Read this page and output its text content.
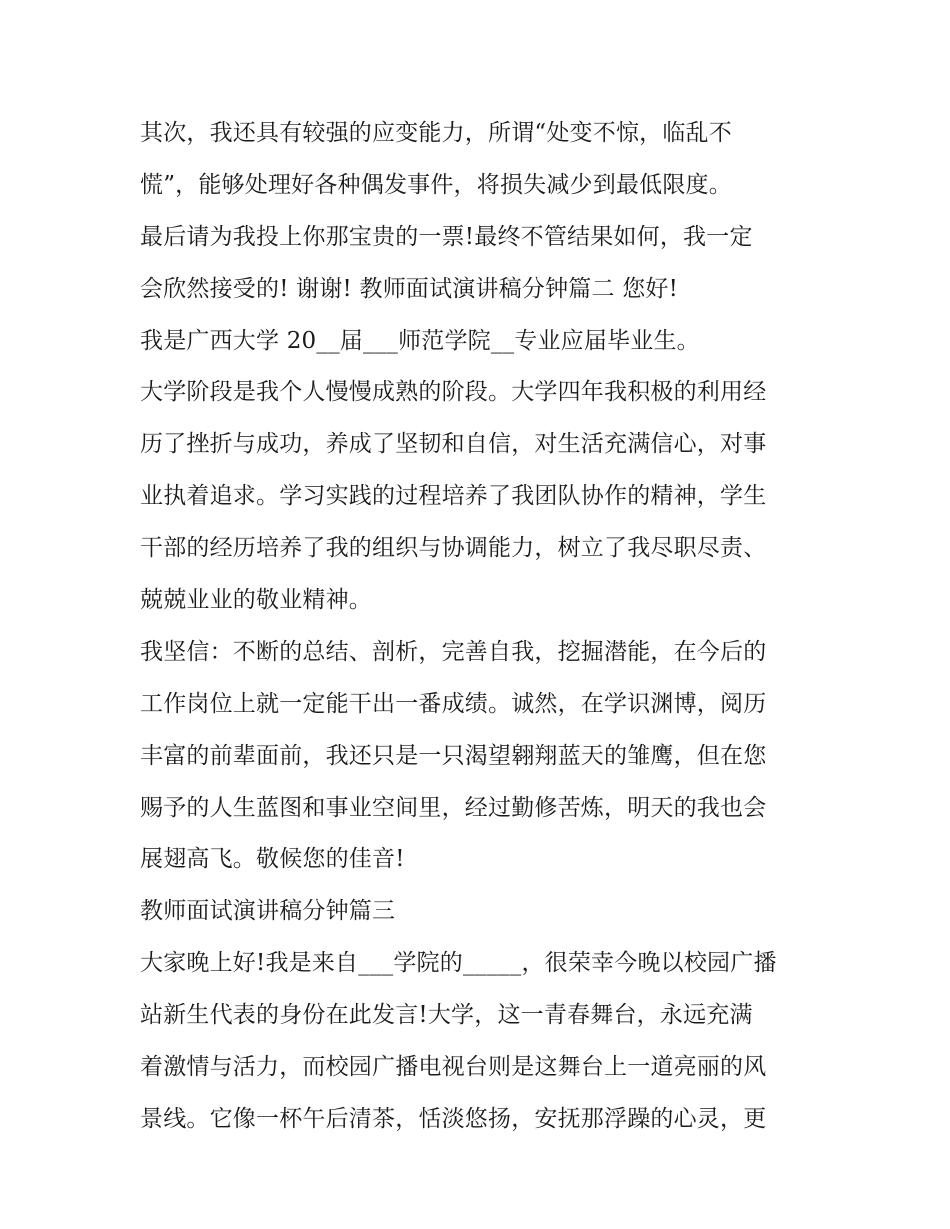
其次，我还具有较强的应变能力，所谓“处变不惊，临乱不
慌”，能够处理好各种偶发事件，将损失减少到最低限度。
最后请为我投上你那宝贵的一票!最终不管结果如何，我一定
会欣然接受的! 谢谢! 教师面试演讲稿分钟篇二 您好!
我是广西大学 20__届___师范学院__专业应届毕业生。
大学阶段是我个人慢慢成熟的阶段。大学四年我积极的利用经
历了挫折与成功，养成了坚韧和自信，对生活充满信心，对事
业执着追求。学习实践的过程培养了我团队协作的精神，学生
干部的经历培养了我的组织与协调能力，树立了我尽职尽责、
兢兢业业的敬业精神。
我坚信：不断的总结、剖析，完善自我，挖掘潜能，在今后的
工作岗位上就一定能干出一番成绩。诚然，在学识渊博，阅历
丰富的前辈面前，我还只是一只渴望翱翔蓝天的雏鹰，但在您
赐予的人生蓝图和事业空间里，经过勤修苦炼，明天的我也会
展翅高飞。敬候您的佳音!
教师面试演讲稿分钟篇三
大家晚上好!我是来自___学院的_____，很荣幸今晚以校园广播
站新生代表的身份在此发言!大学，这一青春舞台，永远充满
着激情与活力，而校园广播电视台则是这舞台上一道亮丽的风
景线。它像一杯午后清茶，恬淡悠扬，安抚那浮躁的心灵，更
